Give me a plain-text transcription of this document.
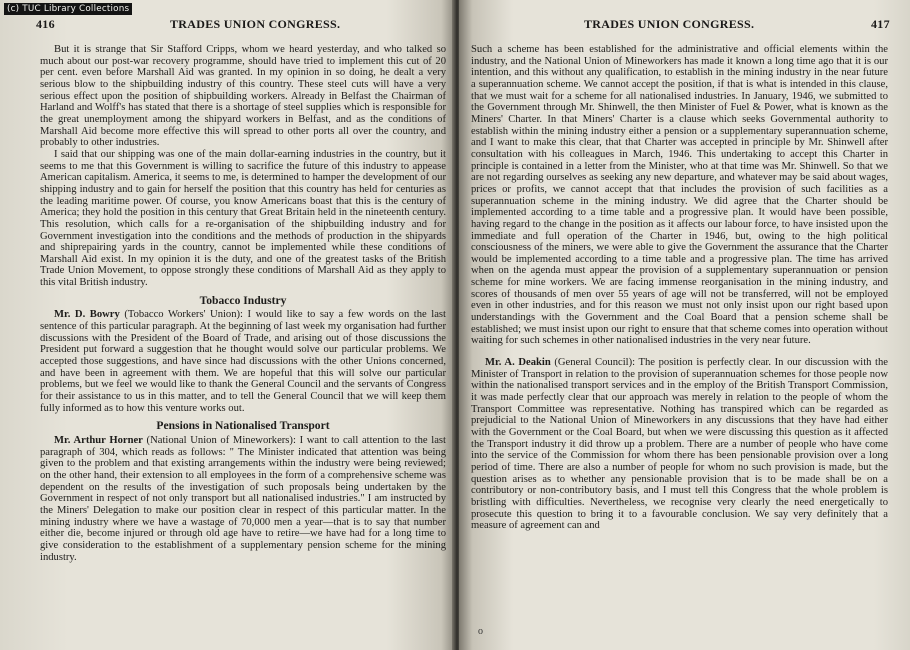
416	TRADES UNION CONGRESS.

But it is strange that Sir Stafford Cripps, whom we heard yesterday, and who talked so much about our post-war recovery programme, should have tried to implement this cut of 20 per cent. even before Marshall Aid was granted. In my opinion in so doing, he dealt a very serious blow to the shipbuilding industry of this country. These steel cuts will have a very serious effect upon the position of shipbuilding workers. Already in Belfast the Chairman of Harland and Wolff's has stated that there is a shortage of steel supplies which is responsible for the great unemployment among the shipyard workers in Belfast, and as the conditions of Marshall Aid become more effective this will spread to other ports all over the country, and probably to other industries.

I said that our shipping was one of the main dollar-earning industries in the country, but it seems to me that this Government is willing to sacrifice the future of this industry to appease American capitalism. America, it seems to me, is determined to hamper the development of our shipping industry and to gain for herself the position that this country has held for centuries as the leading maritime power. Of course, you know Americans boast that this is the century of America; they hold the position in this century that Great Britain held in the nineteenth century. This resolution, which calls for a re-organisation of the shipbuilding industry and for Government investigation into the conditions and the methods of production in the shipyards and shiprepairing yards in the country, cannot be implemented while these conditions of Marshall Aid exist. In my opinion it is the duty, and one of the greatest tasks of the British Trade Union Movement, to oppose strongly these conditions of Marshall Aid as they apply to this vital British industry.

Tobacco Industry

Mr. D. Bowry (Tobacco Workers' Union): I would like to say a few words on the last sentence of this particular paragraph. At the beginning of last week my organisation had further discussions with the President of the Board of Trade, and arising out of those discussions the President put forward a suggestion that he thought would solve our particular problems. We accepted those suggestions, and have since had discussions with the other Unions concerned, and have been in agreement with them. We are hopeful that this will solve our particular problems, but we feel we would like to thank the General Council and the servants of Congress for their assistance to us in this matter, and to tell the General Council that we will keep them fully informed as to how this venture works out.

Pensions in Nationalised Transport

Mr. Arthur Horner (National Union of Mineworkers): I want to call attention to the last paragraph of 304, which reads as follows: " The Minister indicated that attention was being given to the problem and that existing arrangements within the industry were being reviewed; on the other hand, their extension to all employees in the form of a comprehensive scheme was dependent on the results of the investigation of such proposals being undertaken by the Government in respect of not only transport but all nationalised industries." I am instructed by the Miners' Delegation to make our position clear in respect of this particular matter. In the mining industry where we have a wastage of 70,000 men a year—that is to say that number either die, become injured or through old age have to retire—we have had for a long time to give consideration to the establishment of a supplementary pension scheme for the mining industry.

TRADES UNION CONGRESS.	417

Such a scheme has been established for the administrative and official elements within the industry, and the National Union of Mineworkers has made it known a long time ago that it is our intention, and this without any qualification, to establish in the mining industry in the near future a superannuation scheme. We cannot accept the position, if that is what is intended in this clause, that we must wait for a scheme for all nationalised industries. In January, 1946, we submitted to the Government through Mr. Shinwell, the then Minister of Fuel & Power, what is known as the Miners' Charter. In that Miners' Charter is a clause which seeks Governmental authority to establish within the mining industry either a pension or a supplementary superannuation scheme, and I want to make this clear, that that Charter was accepted in principle by Mr. Shinwell after consultation with his colleagues in March, 1946. This undertaking to accept this Charter in principle is contained in a letter from the Minister, who at that time was Mr. Shinwell. So that we are not regarding ourselves as seeking any new departure, and whatever may be said about wages, prices or profits, we cannot accept that that includes the provision of such facilities as a superannuation scheme in the mining industry. We did agree that the Charter should be implemented according to a time table and a progressive plan. It would have been possible, having regard to the change in the position as it affects our labour force, to have insisted upon the immediate and full operation of the Charter in 1946, but, owing to the high political consciousness of the miners, we were able to give the Government the assurance that the Charter would be implemented according to a time table and a progressive plan. The time has arrived when on the agenda must appear the provision of a supplementary superannuation or pension scheme for mine workers. We are facing immense reorganisation in the mining industry, and scores of thousands of men over 55 years of age will not be transferred, will not be employed even in other industries, and for this reason we must not only insist upon our right based upon understandings with the Government and the Coal Board that a pension scheme shall be established; we must insist upon our right to ensure that that scheme comes into operation without waiting for such schemes in other nationalised industries in the very near future.

Mr. A. Deakin (General Council): The position is perfectly clear. In our discussion with the Minister of Transport in relation to the provision of superannuation schemes for those people now within the nationalised transport services and in the employ of the British Transport Commission, it was made perfectly clear that our approach was merely in relation to the people of whom the Transport Committee was representative. Nothing has transpired which can be regarded as prejudicial to the National Union of Mineworkers in any discussions that they have had either with the Government or the Coal Board, but when we were discussing this question as it affected the Transport industry it did throw up a problem. There are a number of people who have come into the service of the Commission for whom there has been pensionable provision over a long period of time. There are also a number of people for whom no such provision is made, but the question arises as to whether any pensionable provision that is to be made shall be on a contributory or non-contributory basis, and I must tell this Congress that the whole problem is bristling with difficulties. Nevertheless, we recognise very clearly the need energetically to prosecute this question to bring it to a favourable conclusion. We say very definitely that a measure of agreement can and

o
(c) TUC Library Collections
